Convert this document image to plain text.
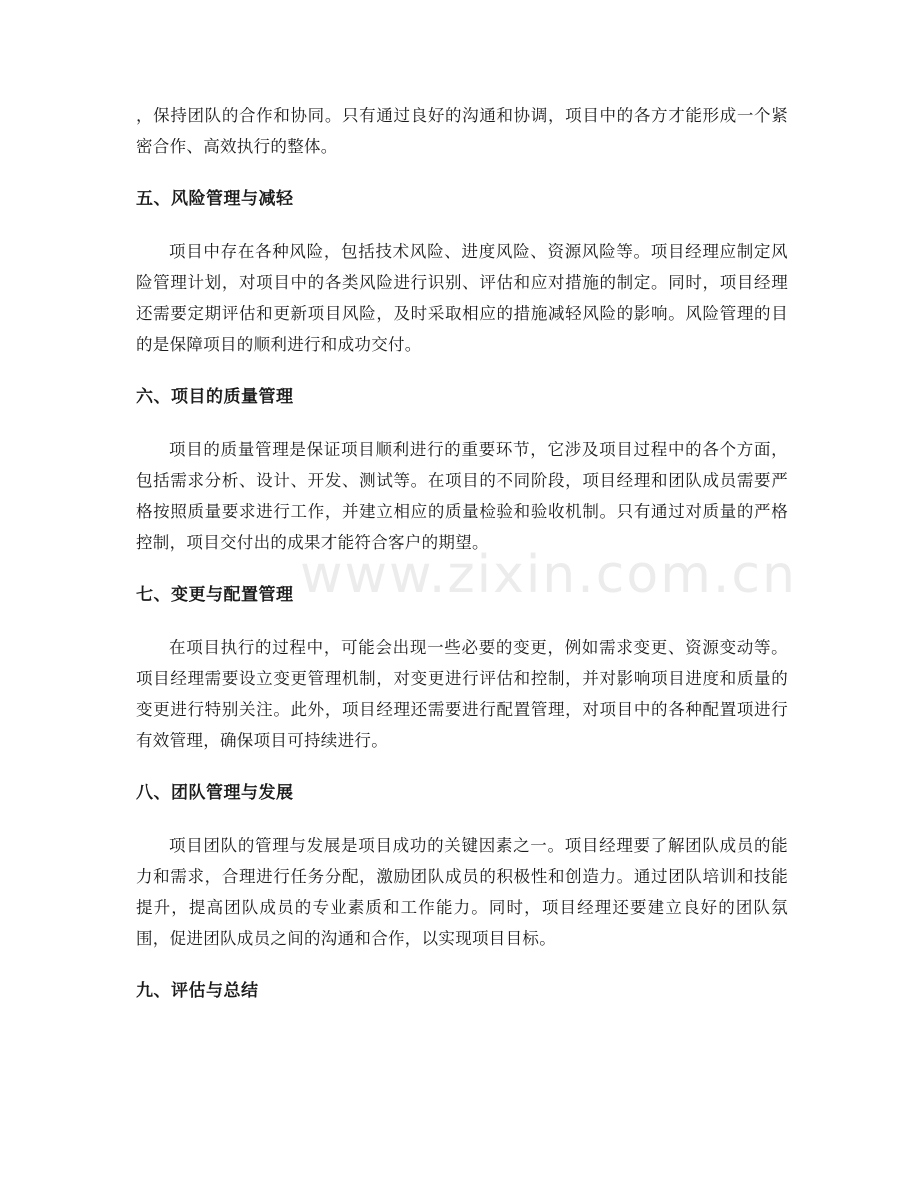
，保持团队的合作和协同。只有通过良好的沟通和协调，项目中的各方才能形成一个紧密合作、高效执行的整体。

五、风险管理与减轻

项目中存在各种风险，包括技术风险、进度风险、资源风险等。项目经理应制定风险管理计划，对项目中的各类风险进行识别、评估和应对措施的制定。同时，项目经理还需要定期评估和更新项目风险，及时采取相应的措施减轻风险的影响。风险管理的目的是保障项目的顺利进行和成功交付。

六、项目的质量管理

项目的质量管理是保证项目顺利进行的重要环节，它涉及项目过程中的各个方面，包括需求分析、设计、开发、测试等。在项目的不同阶段，项目经理和团队成员需要严格按照质量要求进行工作，并建立相应的质量检验和验收机制。只有通过对质量的严格控制，项目交付出的成果才能符合客户的期望。

七、变更与配置管理

在项目执行的过程中，可能会出现一些必要的变更，例如需求变更、资源变动等。项目经理需要设立变更管理机制，对变更进行评估和控制，并对影响项目进度和质量的变更进行特别关注。此外，项目经理还需要进行配置管理，对项目中的各种配置项进行有效管理，确保项目可持续进行。

八、团队管理与发展

项目团队的管理与发展是项目成功的关键因素之一。项目经理要了解团队成员的能力和需求，合理进行任务分配，激励团队成员的积极性和创造力。通过团队培训和技能提升，提高团队成员的专业素质和工作能力。同时，项目经理还要建立良好的团队氛围，促进团队成员之间的沟通和合作，以实现项目目标。

九、评估与总结
www.zixin.com.cn
